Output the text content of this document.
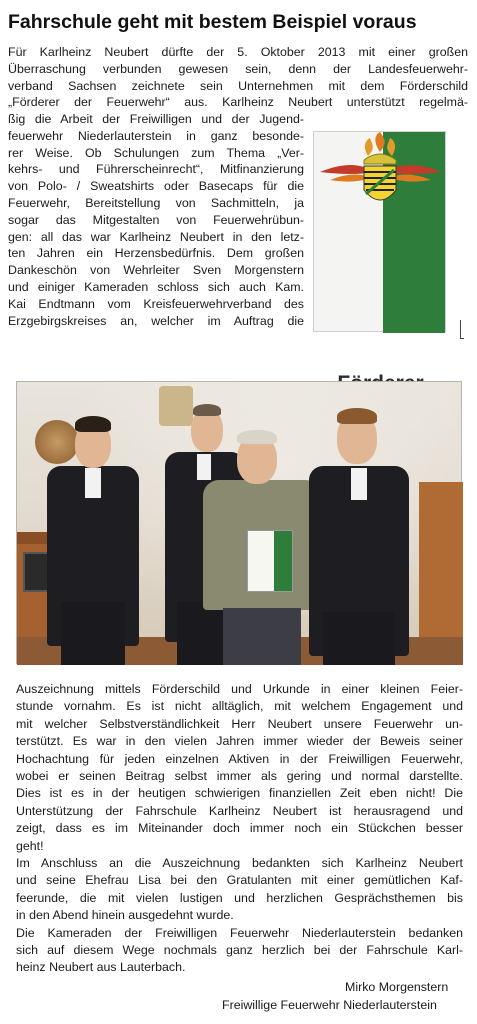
Fahrschule geht mit bestem Beispiel voraus
Für Karlheinz Neubert dürfte der 5. Oktober 2013 mit einer großen
Überraschung verbunden gewesen sein, denn der Landesfeuerwehr-
verband Sachsen zeichnete sein Unternehmen mit dem Förderschild
„Förderer der Feuerwehr“ aus. Karlheinz Neubert unterstützt regelmä-
ßig die Arbeit der Freiwilligen und der Jugend-
feuerwehr Niederlauterstein in ganz besonde-
rer Weise. Ob Schulungen zum Thema „Ver-
kehrs- und Führerscheinrecht“, Mitfinanzierung
von Polo- / Sweatshirts oder Basecaps für die
Feuerwehr, Bereitstellung von Sachmitteln, ja
sogar das Mitgestalten von Feuerwehrübun-
gen: all das war Karlheinz Neubert in den letz-
ten Jahren ein Herzensbedürfnis. Dem großen
Dankeschön von Wehrleiter Sven Morgenstern
und einiger Kameraden schloss sich auch Kam.
Kai Endtmann vom Kreisfeuerwehrverband des
Erzgebirgskreises an, welcher im Auftrag die
Auszeichnung mittels Förderschild und Urkunde in einer kleinen Feier-
stunde vornahm. Es ist nicht alltäglich, mit welchem Engagement und
mit welcher Selbstverständlichkeit Herr Neubert unsere Feuerwehr un-
terstützt. Es war in den vielen Jahren immer wieder der Beweis seiner
Hochachtung für jeden einzelnen Aktiven in der Freiwilligen Feuerwehr,
wobei er seinen Beitrag selbst immer als gering und normal darstellte.
Dies ist es in der heutigen schwierigen finanziellen Zeit eben nicht! Die
Unterstützung der Fahrschule Karlheinz Neubert ist herausragend und
zeigt, dass es im Miteinander doch immer noch ein Stückchen besser
geht!
Im Anschluss an die Auszeichnung bedankten sich Karlheinz Neubert
und seine Ehefrau Lisa bei den Gratulanten mit einer gemütlichen Kaf-
feerunde, die mit vielen lustigen und herzlichen Gesprächsthemen bis
in den Abend hinein ausgedehnt wurde.
Die Kameraden der Freiwilligen Feuerwehr Niederlauterstein bedanken
sich auf diesem Wege nochmals ganz herzlich bei der Fahrschule Karl-
heinz Neubert aus Lauterbach.
Mirko Morgenstern
Freiwillige Feuerwehr Niederlauterstein
